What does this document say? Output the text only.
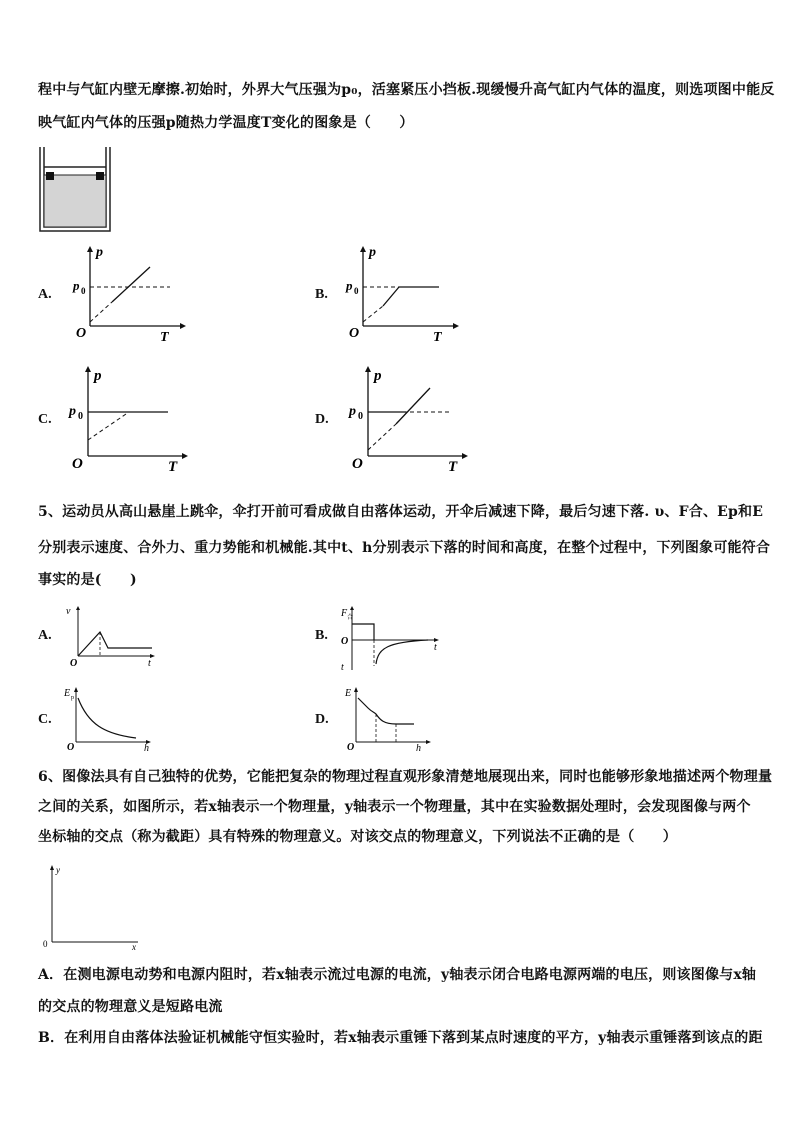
程中与气缸内壁无摩擦.初始时，外界大气压强为p₀，活塞紧压小挡板.现缓慢升高气缸内气体的温度，则选项图中能反
映气缸内气体的压强p随热力学温度T变化的图象是（　　）
A.	B.
C.	D.
p
T
O
p 0
p
T
O
p 0
p
T
O
p 0
p
T
O
p 0
5、运动员从高山悬崖上跳伞，伞打开前可看成做自由落体运动，开伞后减速下降，最后匀速下落. υ、F合、Ep和E
分别表示速度、合外力、重力势能和机械能.其中t、h分别表示下落的时间和高度，在整个过程中，下列图象可能符合
事实的是(　　)
A.	B.
C.	D.
v
t
O
F 合
t
O
t
E p
h
O
E
h
O
6、图像法具有自己独特的优势，它能把复杂的物理过程直观形象清楚地展现出来，同时也能够形象地描述两个物理量
之间的关系，如图所示，若x轴表示一个物理量，y轴表示一个物理量，其中在实验数据处理时，会发现图像与两个
坐标轴的交点（称为截距）具有特殊的物理意义。对该交点的物理意义，下列说法不正确的是（　　）
y
x
0
A．在测电源电动势和电源内阻时，若x轴表示流过电源的电流，y轴表示闭合电路电源两端的电压，则该图像与x轴
的交点的物理意义是短路电流
B．在利用自由落体法验证机械能守恒实验时，若x轴表示重锤下落到某点时速度的平方，y轴表示重锤落到该点的距
